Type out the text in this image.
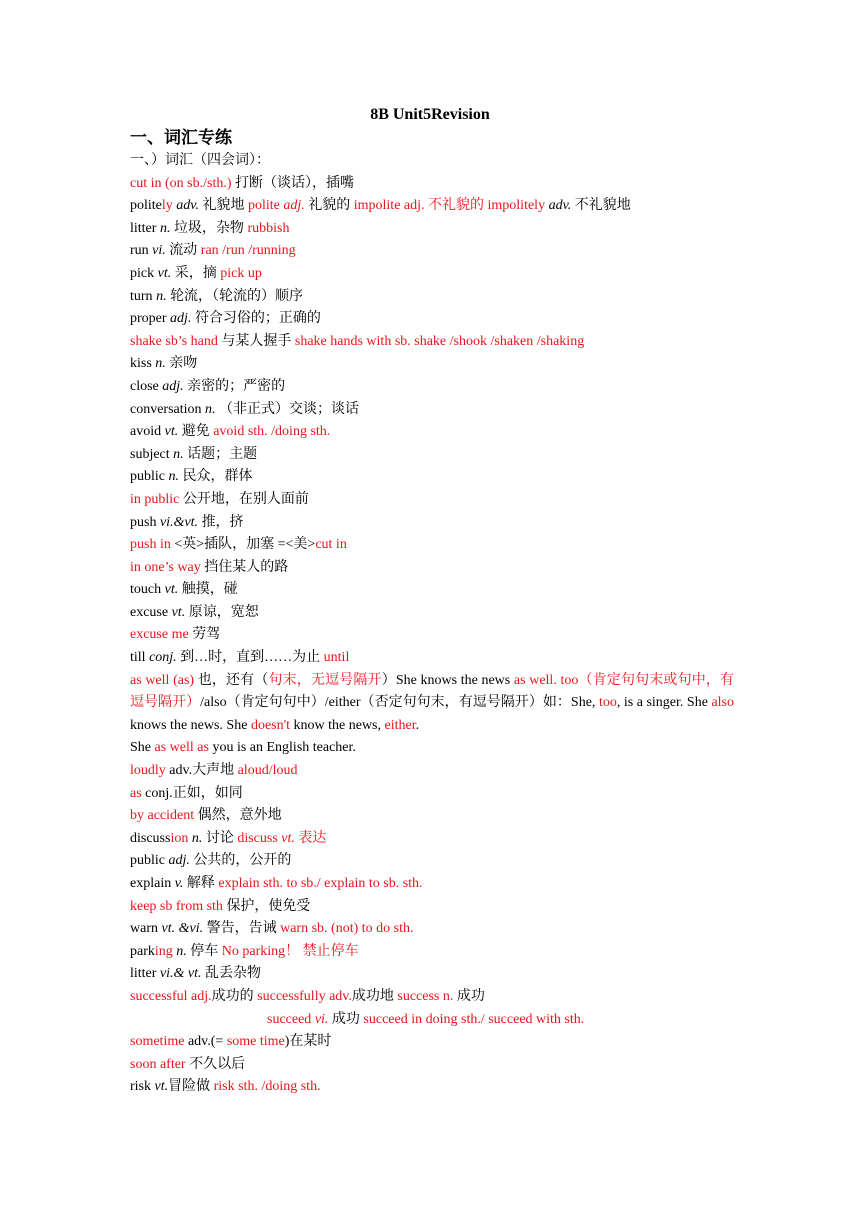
8B Unit5Revision
一、词汇专练
一、）词汇（四会词）：
cut in (on sb./sth.) 打断（谈话），插嘴
politely adv. 礼貌地 polite adj. 礼貌的 impolite adj. 不礼貌的 impolitely adv. 不礼貌地
litter n. 垃圾，杂物 rubbish
run vi. 流动 ran /run /running
pick vt. 采，摘 pick up
turn n. 轮流，（轮流的）顺序
proper adj. 符合习俗的；正确的
shake sb’s hand 与某人握手 shake hands with sb. shake /shook /shaken /shaking
kiss n. 亲吻
close adj. 亲密的；严密的
conversation n. （非正式）交谈；谈话
avoid vt. 避免 avoid sth. /doing sth.
subject n. 话题；主题
public n. 民众，群体
in public 公开地，在别人面前
push vi.&vt. 推，挤
push in <英>插队，加塞 =<美>cut in
in one’s way 挡住某人的路
touch vt. 触摸，碰
excuse vt. 原谅，宽恕
excuse me 劳驾
till conj. 到…时，直到……为止 until
as well (as) 也，还有（句末，无逗号隔开）She knows the news as well. too（肯定句句末或句中，有逗号隔开）/also（肯定句句中）/either（否定句句末，有逗号隔开）如：She, too, is a singer. She also knows the news. She doesn't know the news, either.
She as well as you is an English teacher.
loudly adv.大声地 aloud/loud
as conj.正如，如同
by accident 偶然，意外地
discussion n. 讨论 discuss vt. 表达
public adj. 公共的，公开的
explain v. 解释 explain sth. to sb./ explain to sb. sth.
keep sb from sth 保护，使免受
warn vt. &vi. 警告，告诫 warn sb. (not) to do sth.
parking n. 停车 No parking！ 禁止停车
litter vi.& vt. 乱丢杂物
successful adj.成功的 successfully adv.成功地 success n. 成功
succeed vi. 成功 succeed in doing sth./ succeed with sth.
sometime adv.(= some time)在某时
soon after 不久以后
risk vt.冒险做 risk sth. /doing sth.
